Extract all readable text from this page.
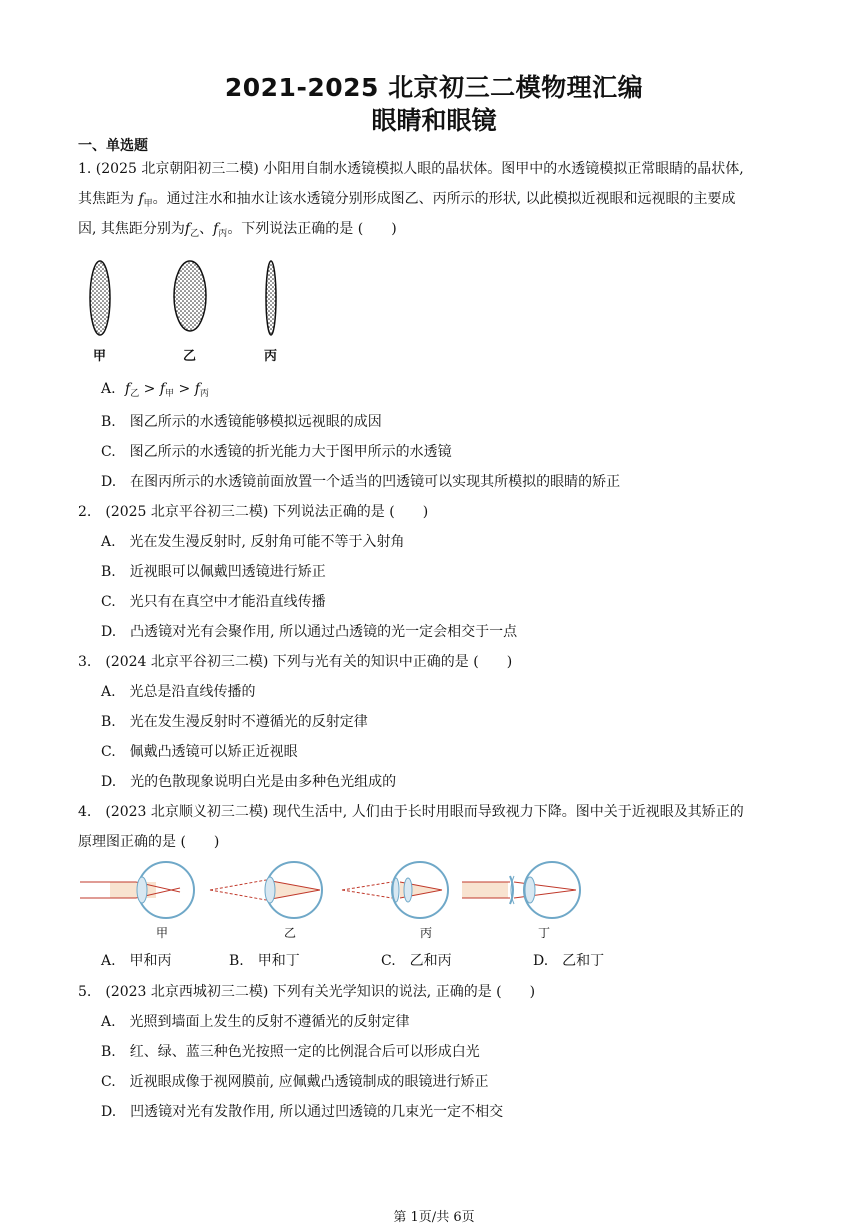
2021-2025 北京初三二模物理汇编
眼睛和眼镜
一、单选题
1. (2025 北京朝阳初三二模) 小阳用自制水透镜模拟人眼的晶状体。图甲中的水透镜模拟正常眼睛的晶状体,
其焦距为 $f_甲$。通过注水和抽水让该水透镜分别形成图乙、丙所示的形状, 以此模拟近视眼和远视眼的主要成
因, 其焦距分别为$f_乙$、$f_丙$。下列说法正确的是 (　　)
甲	乙	丙
A. $f_乙 > f_甲 > f_丙$
B.　图乙所示的水透镜能够模拟远视眼的成因
C.　图乙所示的水透镜的折光能力大于图甲所示的水透镜
D.　在图丙所示的水透镜前面放置一个适当的凹透镜可以实现其所模拟的眼睛的矫正
2.　(2025 北京平谷初三二模) 下列说法正确的是 (　　)
A.　光在发生漫反射时, 反射角可能不等于入射角
B.　近视眼可以佩戴凹透镜进行矫正
C.　光只有在真空中才能沿直线传播
D.　凸透镜对光有会聚作用, 所以通过凸透镜的光一定会相交于一点
3.　(2024 北京平谷初三二模) 下列与光有关的知识中正确的是 (　　)
A.　光总是沿直线传播的
B.　光在发生漫反射时不遵循光的反射定律
C.　佩戴凸透镜可以矫正近视眼
D.　光的色散现象说明白光是由多种色光组成的
4.　(2023 北京顺义初三二模) 现代生活中, 人们由于长时用眼而导致视力下降。图中关于近视眼及其矫正的
原理图正确的是 (　　)
甲	乙	丙	丁
A.　甲和丙	B.　甲和丁	C.　乙和丙	D.　乙和丁
5.　(2023 北京西城初三二模) 下列有关光学知识的说法, 正确的是 (　　)
A.　光照到墙面上发生的反射不遵循光的反射定律
B.　红、绿、蓝三种色光按照一定的比例混合后可以形成白光
C.　近视眼成像于视网膜前, 应佩戴凸透镜制成的眼镜进行矫正
D.　凹透镜对光有发散作用, 所以通过凹透镜的几束光一定不相交
第 1页/共 6页
